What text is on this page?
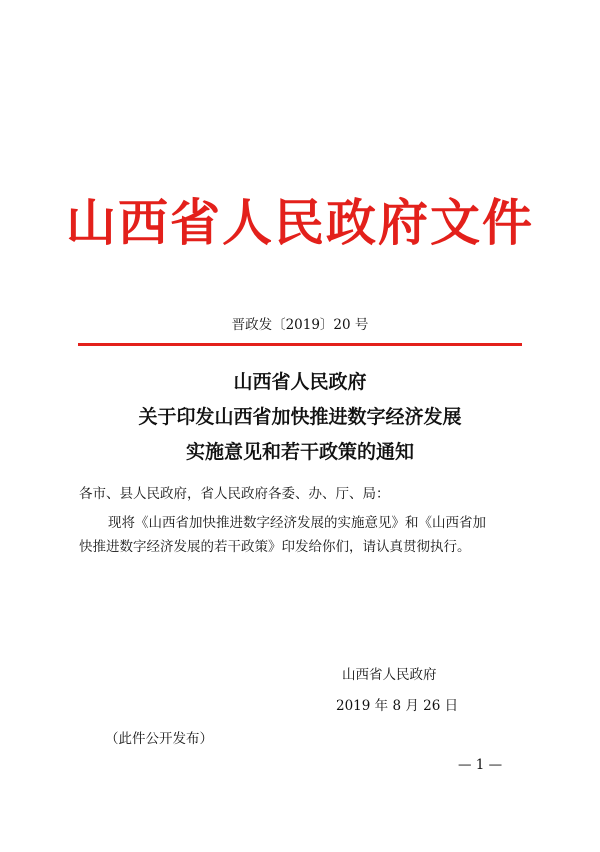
山西省人民政府文件
晋政发〔2019〕20 号
山西省人民政府
关于印发山西省加快推进数字经济发展
实施意见和若干政策的通知
各市、县人民政府，省人民政府各委、办、厅、局：
现将《山西省加快推进数字经济发展的实施意见》和《山西省加
快推进数字经济发展的若干政策》印发给你们，请认真贯彻执行。
山西省人民政府
2019 年 8 月 26 日
（此件公开发布）
— 1 —
